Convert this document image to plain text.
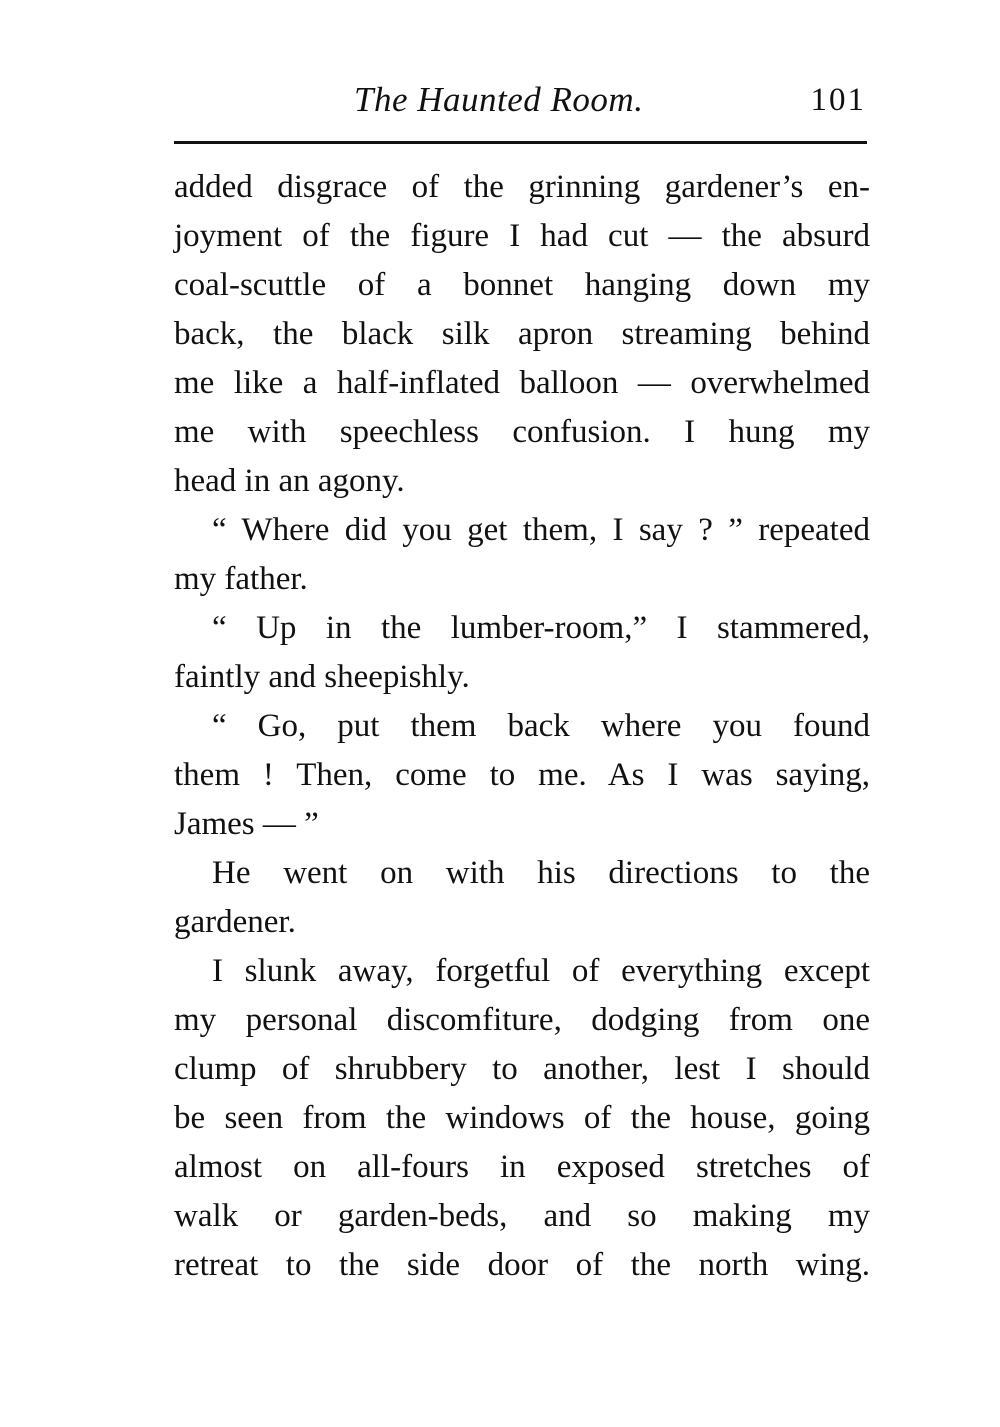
The Haunted Room.	101
added disgrace of the grinning gardener’s en-
joyment of the figure I had cut — the absurd
coal-scuttle of a bonnet hanging down my
back, the black silk apron streaming behind
me like a half-inflated balloon — overwhelmed
me with speechless confusion. I hung my
head in an agony.
“ Where did you get them, I say ? ” repeated
my father.
“ Up in the lumber-room,” I stammered,
faintly and sheepishly.
“ Go, put them back where you found
them ! Then, come to me. As I was saying,
James — ”
He went on with his directions to the
gardener.
I slunk away, forgetful of everything except
my personal discomfiture, dodging from one
clump of shrubbery to another, lest I should
be seen from the windows of the house, going
almost on all-fours in exposed stretches of
walk or garden-beds, and so making my
retreat to the side door of the north wing.
